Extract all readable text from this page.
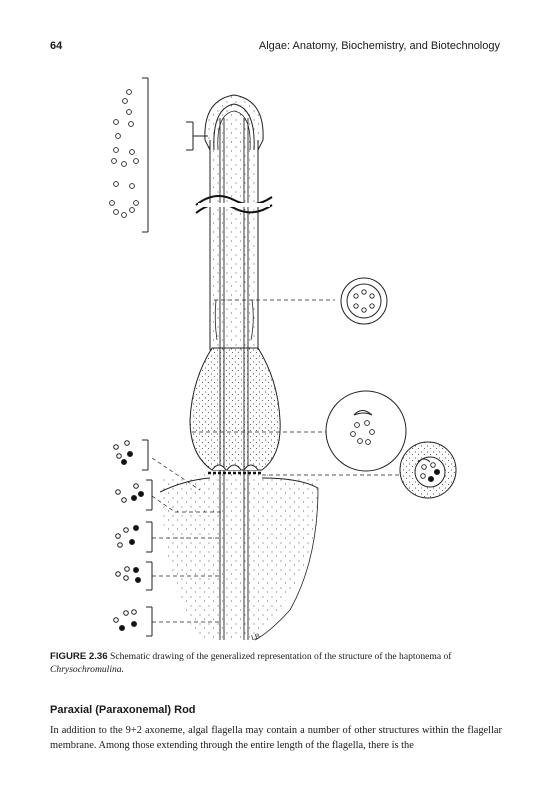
64	Algae: Anatomy, Biochemistry, and Biotechnology
LB
FIGURE 2.36 Schematic drawing of the generalized representation of the structure of the haptonema of Chrysochromulina.
Paraxial (Paraxonemal) Rod
In addition to the 9+2 axoneme, algal flagella may contain a number of other structures within the flagellar membrane. Among those extending through the entire length of the flagella, there is the
